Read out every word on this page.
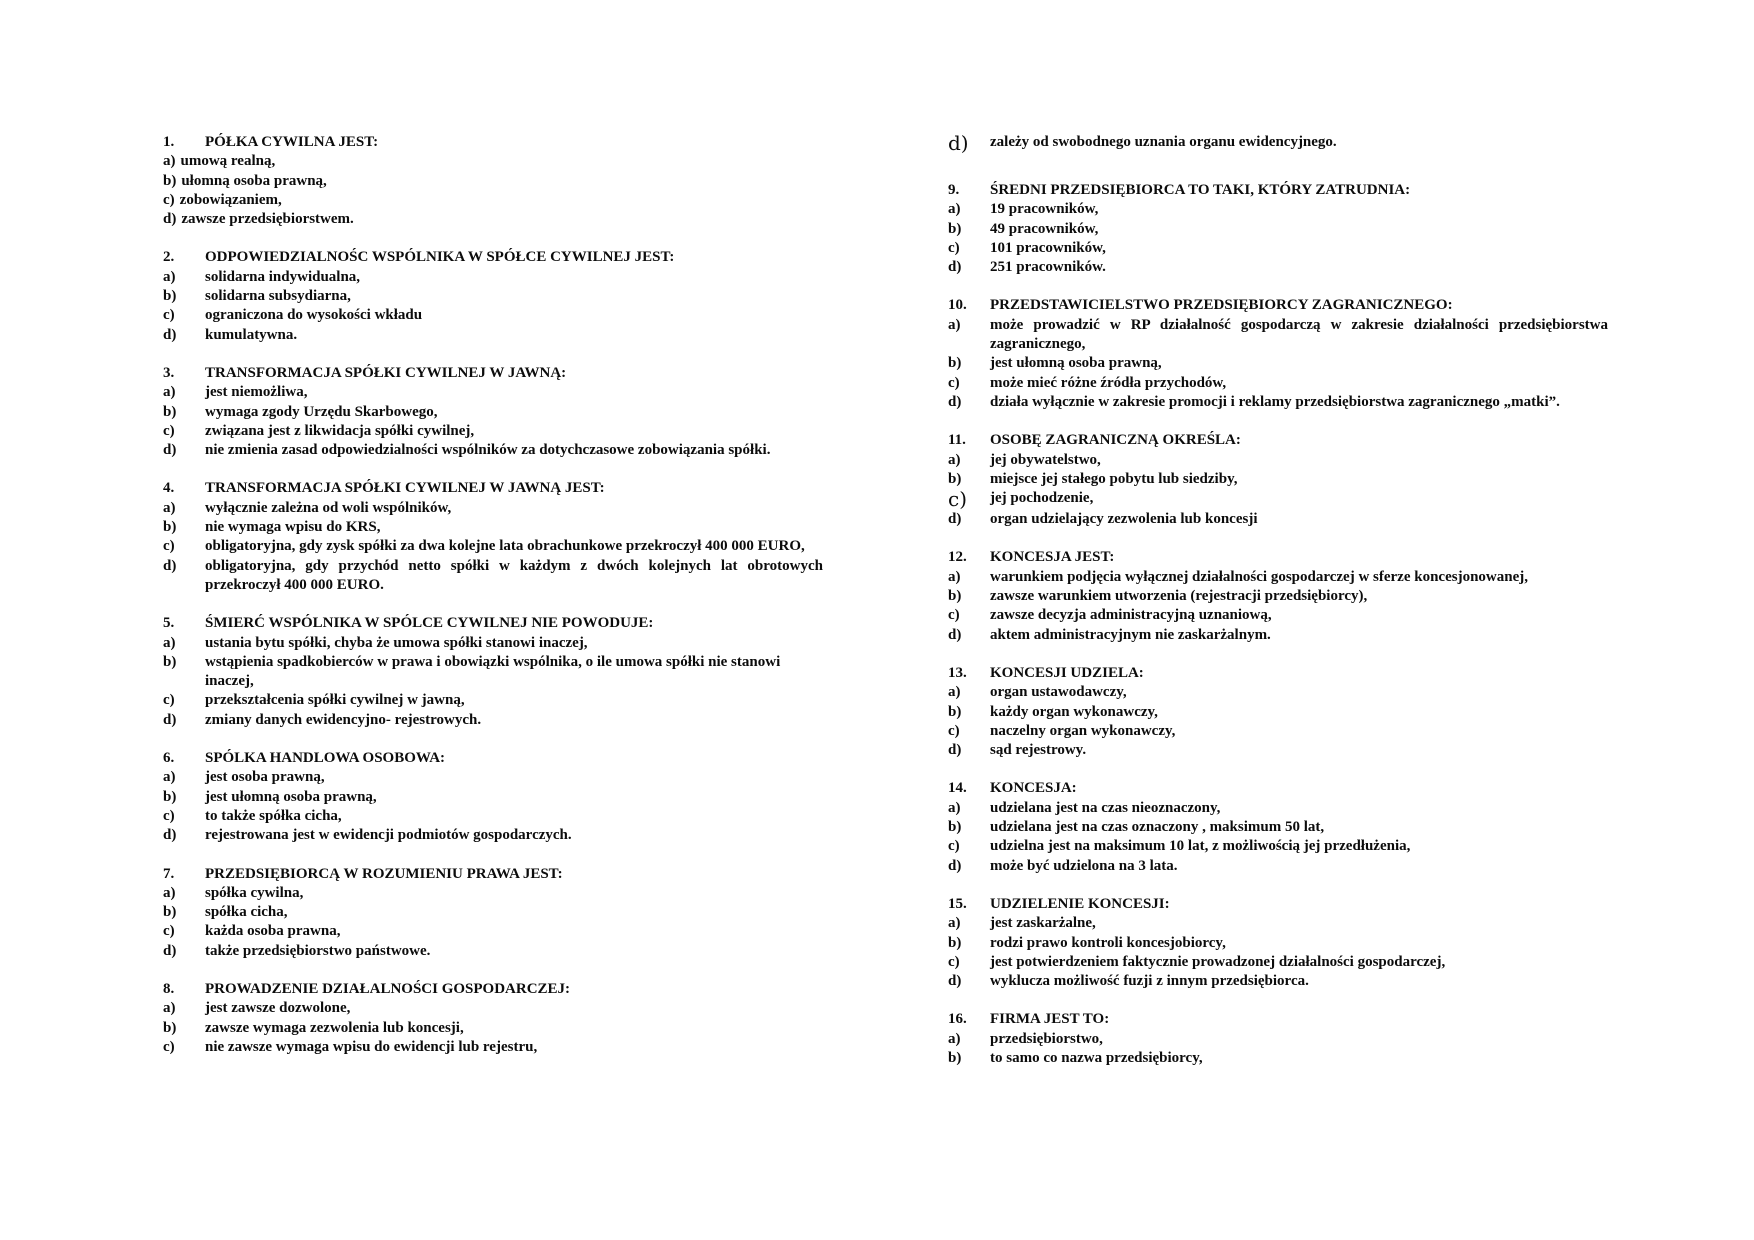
1.	PÓŁKA CYWILNA JEST:
a) umową realną,
b) ułomną osoba prawną,
c) zobowiązaniem,
d) zawsze przedsiębiorstwem.
2.	ODPOWIEDZIALNOŚC WSPÓLNIKA W SPÓŁCE CYWILNEJ JEST:
a)	solidarna indywidualna,
b)	solidarna subsydiarna,
c)	ograniczona do wysokości wkładu
d)	kumulatywna.
3.	TRANSFORMACJA SPÓŁKI CYWILNEJ W JAWNĄ:
a)	jest niemożliwa,
b)	wymaga zgody Urzędu Skarbowego,
c)	związana jest z likwidacja spółki cywilnej,
d)	nie zmienia zasad odpowiedzialności wspólników za dotychczasowe zobowiązania spółki.
4.	TRANSFORMACJA SPÓŁKI CYWILNEJ W JAWNĄ JEST:
a)	wyłącznie zależna od woli wspólników,
b)	nie wymaga wpisu do KRS,
c)	obligatoryjna, gdy zysk spółki za dwa kolejne lata obrachunkowe przekroczył 400 000 EURO,
d)	obligatoryjna, gdy przychód netto spółki w każdym z dwóch kolejnych lat obrotowych przekroczył 400 000 EURO.
5.	ŚMIERĆ WSPÓLNIKA W SPÓLCE CYWILNEJ NIE POWODUJE:
a)	ustania bytu spółki, chyba że umowa spółki stanowi inaczej,
b)	wstąpienia spadkobierców w prawa i obowiązki wspólnika, o ile umowa spółki nie stanowi inaczej,
c)	przekształcenia spółki cywilnej w jawną,
d)	zmiany danych ewidencyjno- rejestrowych.
6.	SPÓLKA HANDLOWA OSOBOWA:
a)	jest osoba prawną,
b)	jest ułomną osoba prawną,
c)	to także spółka cicha,
d)	rejestrowana jest w ewidencji podmiotów gospodarczych.
7.	PRZEDSIĘBIORCĄ W ROZUMIENIU PRAWA JEST:
a)	spółka cywilna,
b)	spółka cicha,
c)	każda osoba prawna,
d)	także przedsiębiorstwo państwowe.
8.	PROWADZENIE DZIAŁALNOŚCI GOSPODARCZEJ:
a)	jest zawsze dozwolone,
b)	zawsze wymaga zezwolenia lub koncesji,
c)	nie zawsze wymaga wpisu do ewidencji lub rejestru,
d)	zależy od swobodnego uznania organu ewidencyjnego.
9.	ŚREDNI PRZEDSIĘBIORCA TO TAKI, KTÓRY ZATRUDNIA:
a)	19 pracowników,
b)	49 pracowników,
c)	101 pracowników,
d)	251 pracowników.
10.	PRZEDSTAWICIELSTWO PRZEDSIĘBIORCY ZAGRANICZNEGO:
a)	może prowadzić w RP działalność gospodarczą w zakresie działalności przedsiębiorstwa zagranicznego,
b)	jest ułomną osoba prawną,
c)	może mieć różne źródła przychodów,
d)	działa wyłącznie w zakresie promocji i reklamy przedsiębiorstwa zagranicznego „matki”.
11.	OSOBĘ ZAGRANICZNĄ OKREŚLA:
a)	jej obywatelstwo,
b)	miejsce jej stałego pobytu lub siedziby,
c)	jej pochodzenie,
d)	organ udzielający zezwolenia lub koncesji
12.	KONCESJA JEST:
a)	warunkiem podjęcia wyłącznej działalności gospodarczej w sferze koncesjonowanej,
b)	zawsze warunkiem utworzenia (rejestracji przedsiębiorcy),
c)	zawsze decyzja administracyjną uznaniową,
d)	aktem administracyjnym nie zaskarżalnym.
13.	KONCESJI UDZIELA:
a)	organ ustawodawczy,
b)	każdy organ wykonawczy,
c)	naczelny organ wykonawczy,
d)	sąd rejestrowy.
14.	KONCESJA:
a)	udzielana jest na czas nieoznaczony,
b)	udzielana jest na czas oznaczony , maksimum 50 lat,
c)	udzielna jest na maksimum 10 lat, z możliwością jej przedłużenia,
d)	może być udzielona na 3 lata.
15.	UDZIELENIE KONCESJI:
a)	jest zaskarżalne,
b)	rodzi prawo kontroli koncesjobiorcy,
c)	jest potwierdzeniem faktycznie prowadzonej działalności gospodarczej,
d)	wyklucza możliwość fuzji z innym przedsiębiorca.
16.	FIRMA JEST TO:
a)	przedsiębiorstwo,
b)	to samo co nazwa przedsiębiorcy,
